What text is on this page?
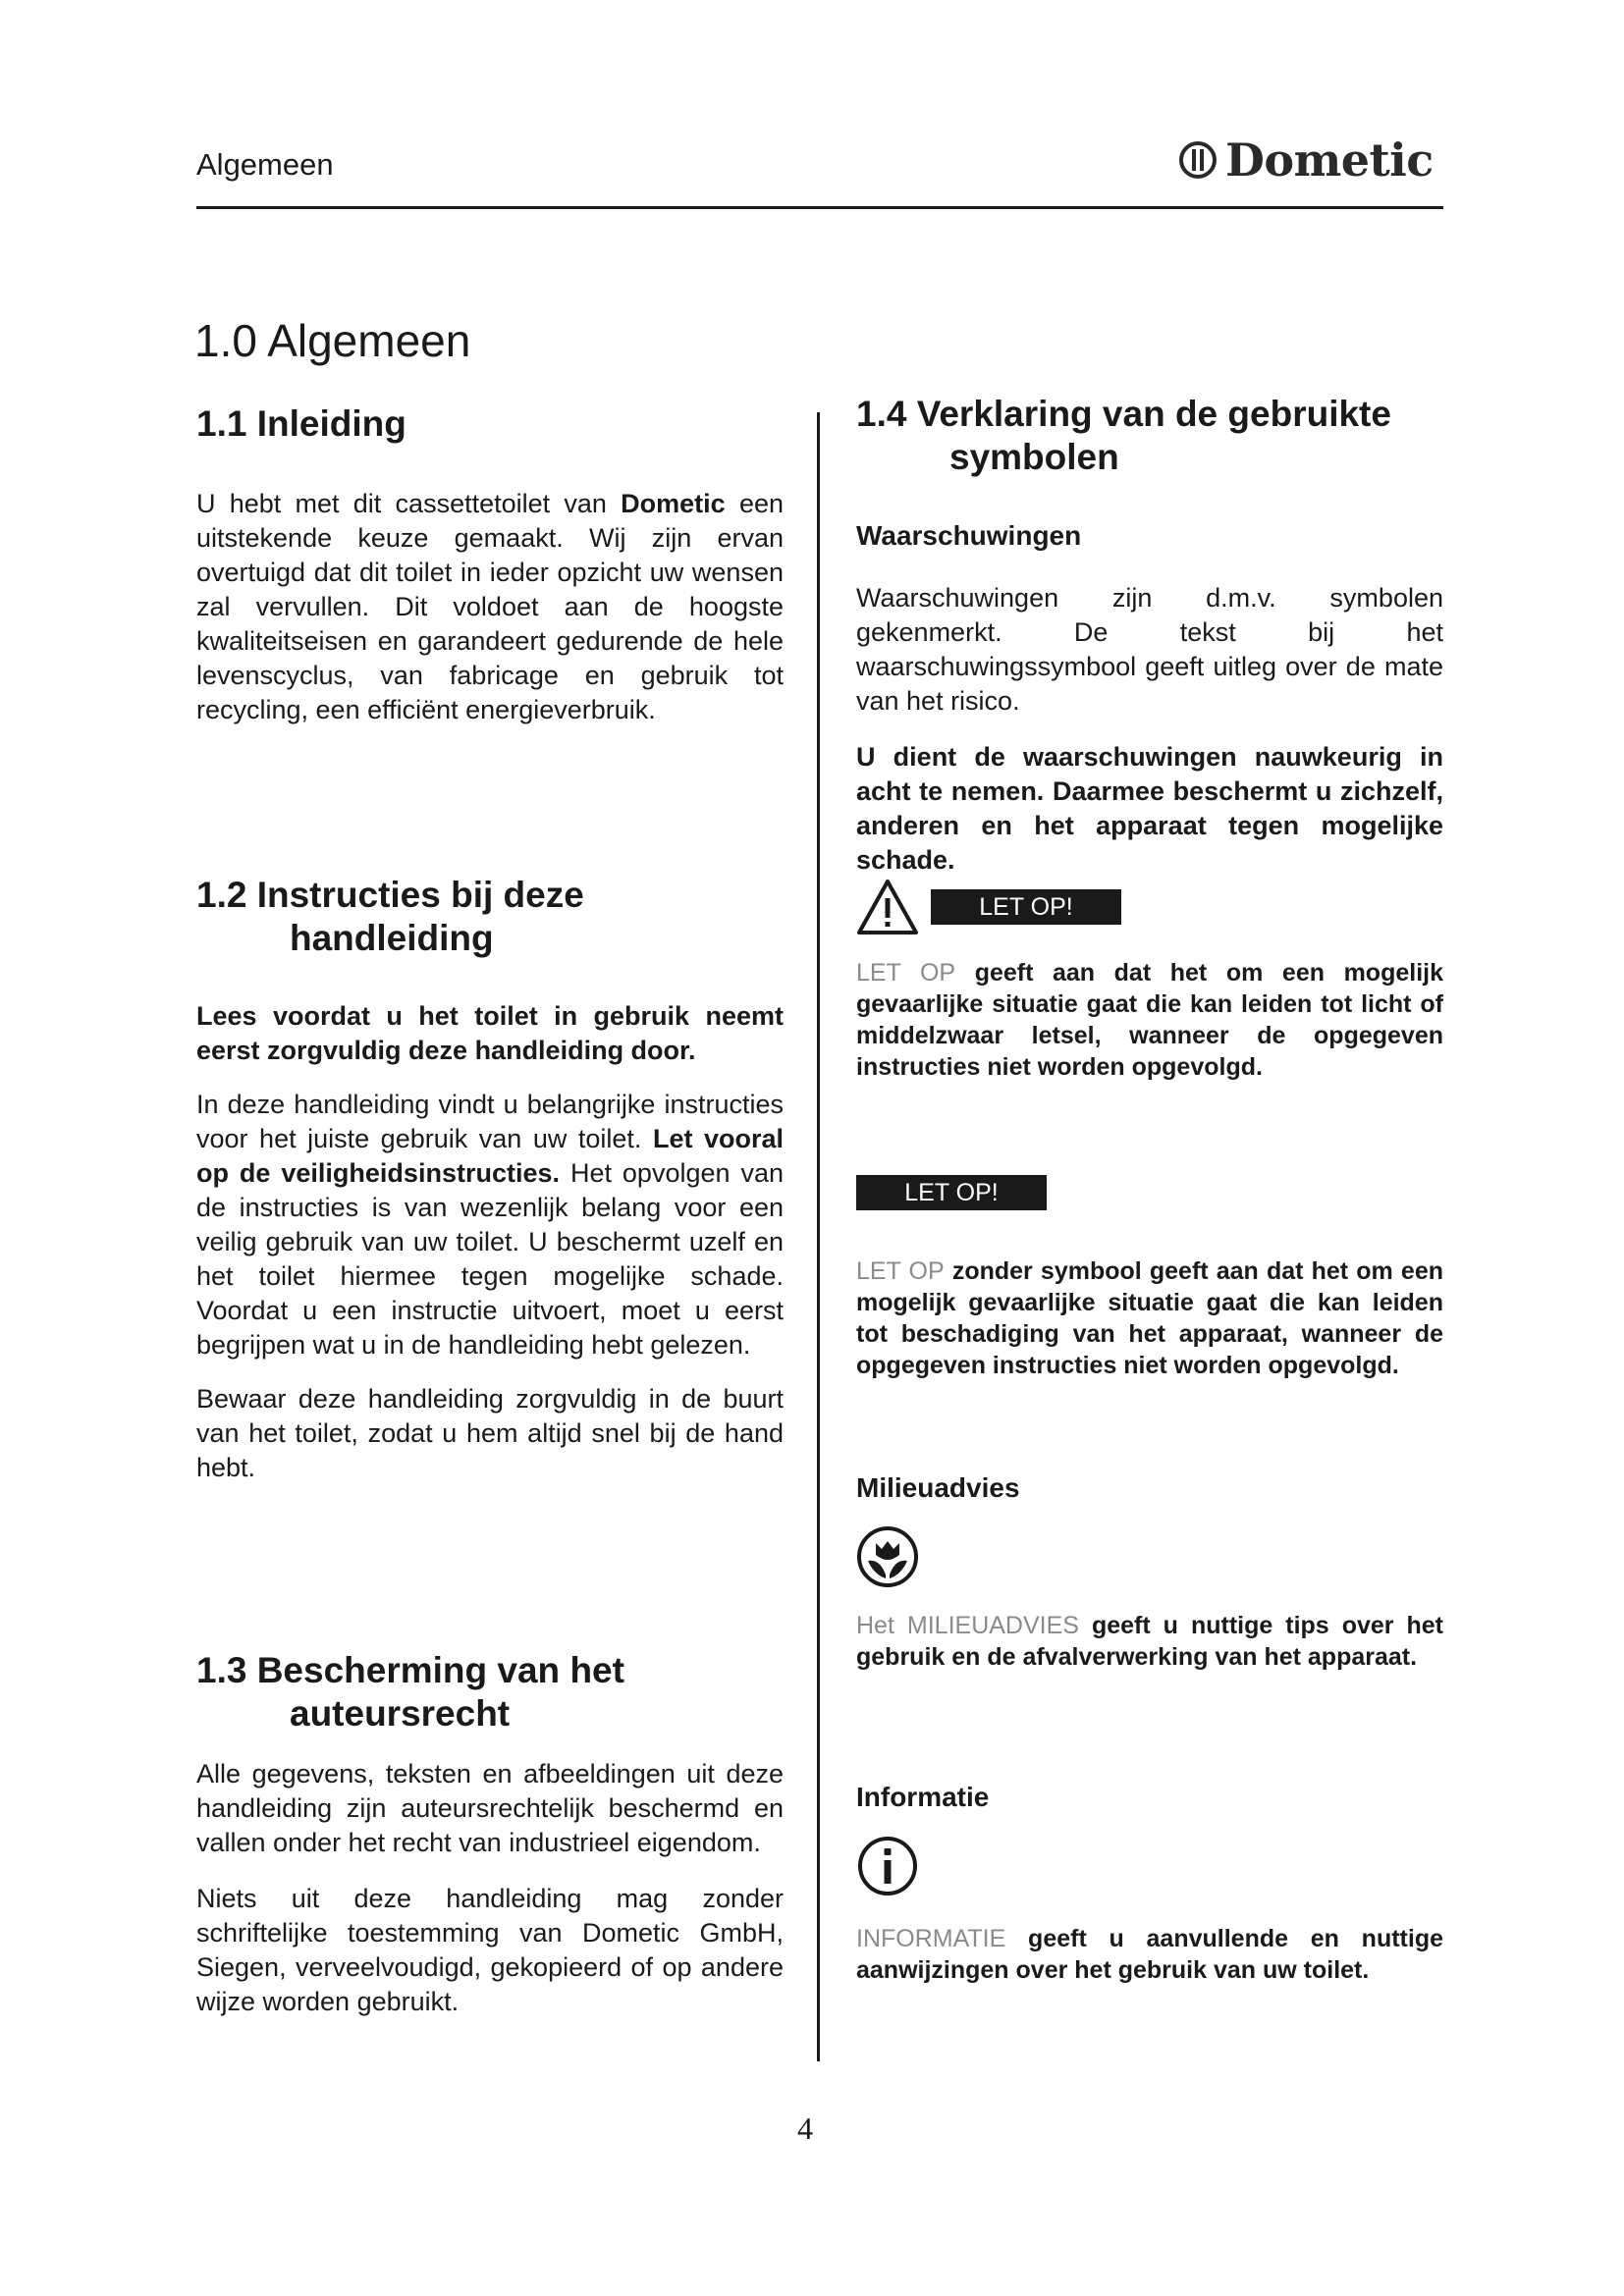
Algemeen	Dometic
1.0 Algemeen
1.1 Inleiding

U hebt met dit cassettetoilet van Dometic een uitstekende keuze gemaakt. Wij zijn ervan overtuigd dat dit toilet in ieder opzicht uw wensen zal vervullen. Dit voldoet aan de hoogste kwaliteitseisen en garandeert gedurende de hele levenscyclus, van fabricage en gebruik tot recycling, een efficiënt energieverbruik.

1.2 Instructies bij deze
handleiding

Lees voordat u het toilet in gebruik neemt eerst zorgvuldig deze handleiding door.

In deze handleiding vindt u belangrijke instructies voor het juiste gebruik van uw toilet. Let vooral op de veiligheidsinstructies. Het opvolgen van de instructies is van wezenlijk belang voor een veilig gebruik van uw toilet. U beschermt uzelf en het toilet hiermee tegen mogelijke schade. Voordat u een instructie uitvoert, moet u eerst begrijpen wat u in de handleiding hebt gelezen.

Bewaar deze handleiding zorgvuldig in de buurt van het toilet, zodat u hem altijd snel bij de hand hebt.

1.3 Bescherming van het
auteursrecht

Alle gegevens, teksten en afbeeldingen uit deze handleiding zijn auteursrechtelijk beschermd en vallen onder het recht van industrieel eigendom.

Niets uit deze handleiding mag zonder schriftelijke toestemming van Dometic GmbH, Siegen, verveelvoudigd, gekopieerd of op andere wijze worden gebruikt.

1.4 Verklaring van de gebruikte
symbolen
Waarschuwingen

Waarschuwingen zijn d.m.v. symbolen gekenmerkt. De tekst bij het waarschuwingssymbool geeft uitleg over de mate van het risico.

U dient de waarschuwingen nauwkeurig in acht te nemen. Daarmee beschermt u zichzelf, anderen en het apparaat tegen mogelijke schade.

LET OP!

LET OP geeft aan dat het om een mogelijk gevaarlijke situatie gaat die kan leiden tot licht of middelzwaar letsel, wanneer de opgegeven instructies niet worden opgevolgd.

LET OP!

LET OP zonder symbool geeft aan dat het om een mogelijk gevaarlijke situatie gaat die kan leiden tot beschadiging van het apparaat, wanneer de opgegeven instructies niet worden opgevolgd.

Milieuadvies

Het MILIEUADVIES geeft u nuttige tips over het gebruik en de afvalverwerking van het apparaat.

Informatie

INFORMATIE geeft u aanvullende en nuttige aanwijzingen over het gebruik van uw toilet.

4
